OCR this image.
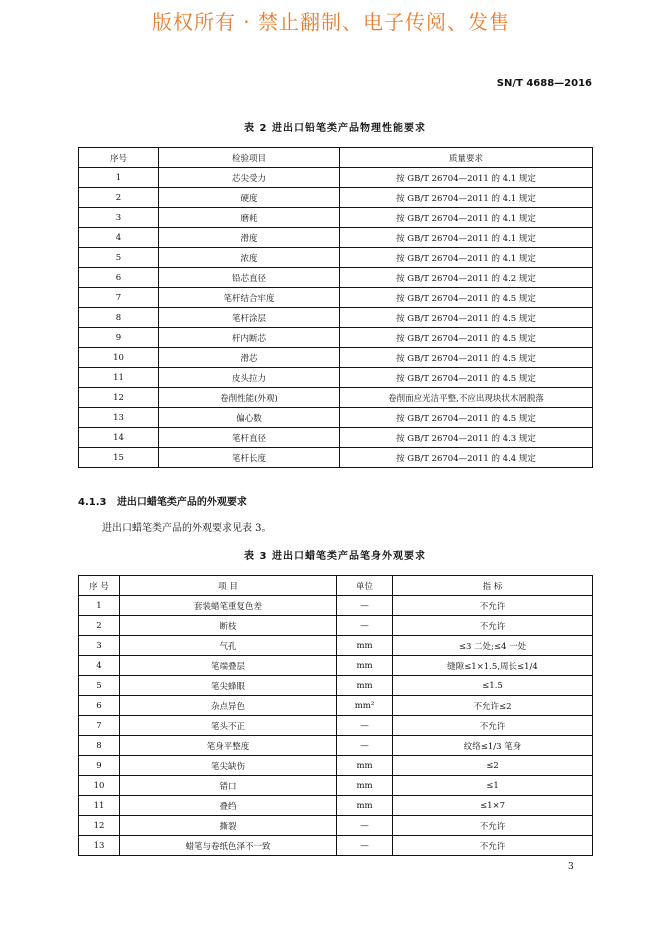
版权所有 · 禁止翻制、电子传阅、发售
SN/T 4688—2016
表 2 进出口铅笔类产品物理性能要求
序号	检验项目	质量要求
1	芯尖受力	按 GB/T 26704—2011 的 4.1 规定
2	硬度	按 GB/T 26704—2011 的 4.1 规定
3	磨耗	按 GB/T 26704—2011 的 4.1 规定
4	滑度	按 GB/T 26704—2011 的 4.1 规定
5	浓度	按 GB/T 26704—2011 的 4.1 规定
6	铅芯直径	按 GB/T 26704—2011 的 4.2 规定
7	笔杆结合牢度	按 GB/T 26704—2011 的 4.5 规定
8	笔杆涂层	按 GB/T 26704—2011 的 4.5 规定
9	杆内断芯	按 GB/T 26704—2011 的 4.5 规定
10	滑芯	按 GB/T 26704—2011 的 4.5 规定
11	皮头拉力	按 GB/T 26704—2011 的 4.5 规定
12	卷削性能(外观)	卷削面应光洁平整,不应出现块状木屑脱落
13	偏心数	按 GB/T 26704—2011 的 4.5 规定
14	笔杆直径	按 GB/T 26704—2011 的 4.3 规定
15	笔杆长度	按 GB/T 26704—2011 的 4.4 规定
4.1.3 进出口蜡笔类产品的外观要求
进出口蜡笔类产品的外观要求见表 3。
表 3 进出口蜡笔类产品笔身外观要求
序 号	项 目	单位	指 标
1	套装蜡笔重复色差	—	不允许
2	断枝	—	不允许
3	气孔	mm	≤3 二处;≤4 一处
4	笔端叠层	mm	缝隙≤1×1.5,周长≤1/4
5	笔尖蜂眼	mm	≤1.5
6	杂点异色	mm²	不允许≤2
7	笔头不正	—	不允许
8	笔身平整度	—	纹络≤1/3 笔身
9	笔尖缺伤	mm	≤2
10	错口	mm	≤1
11	叠绉	mm	≤1×7
12	撕裂	—	不允许
13	蜡笔与卷纸色泽不一致	—	不允许
3
